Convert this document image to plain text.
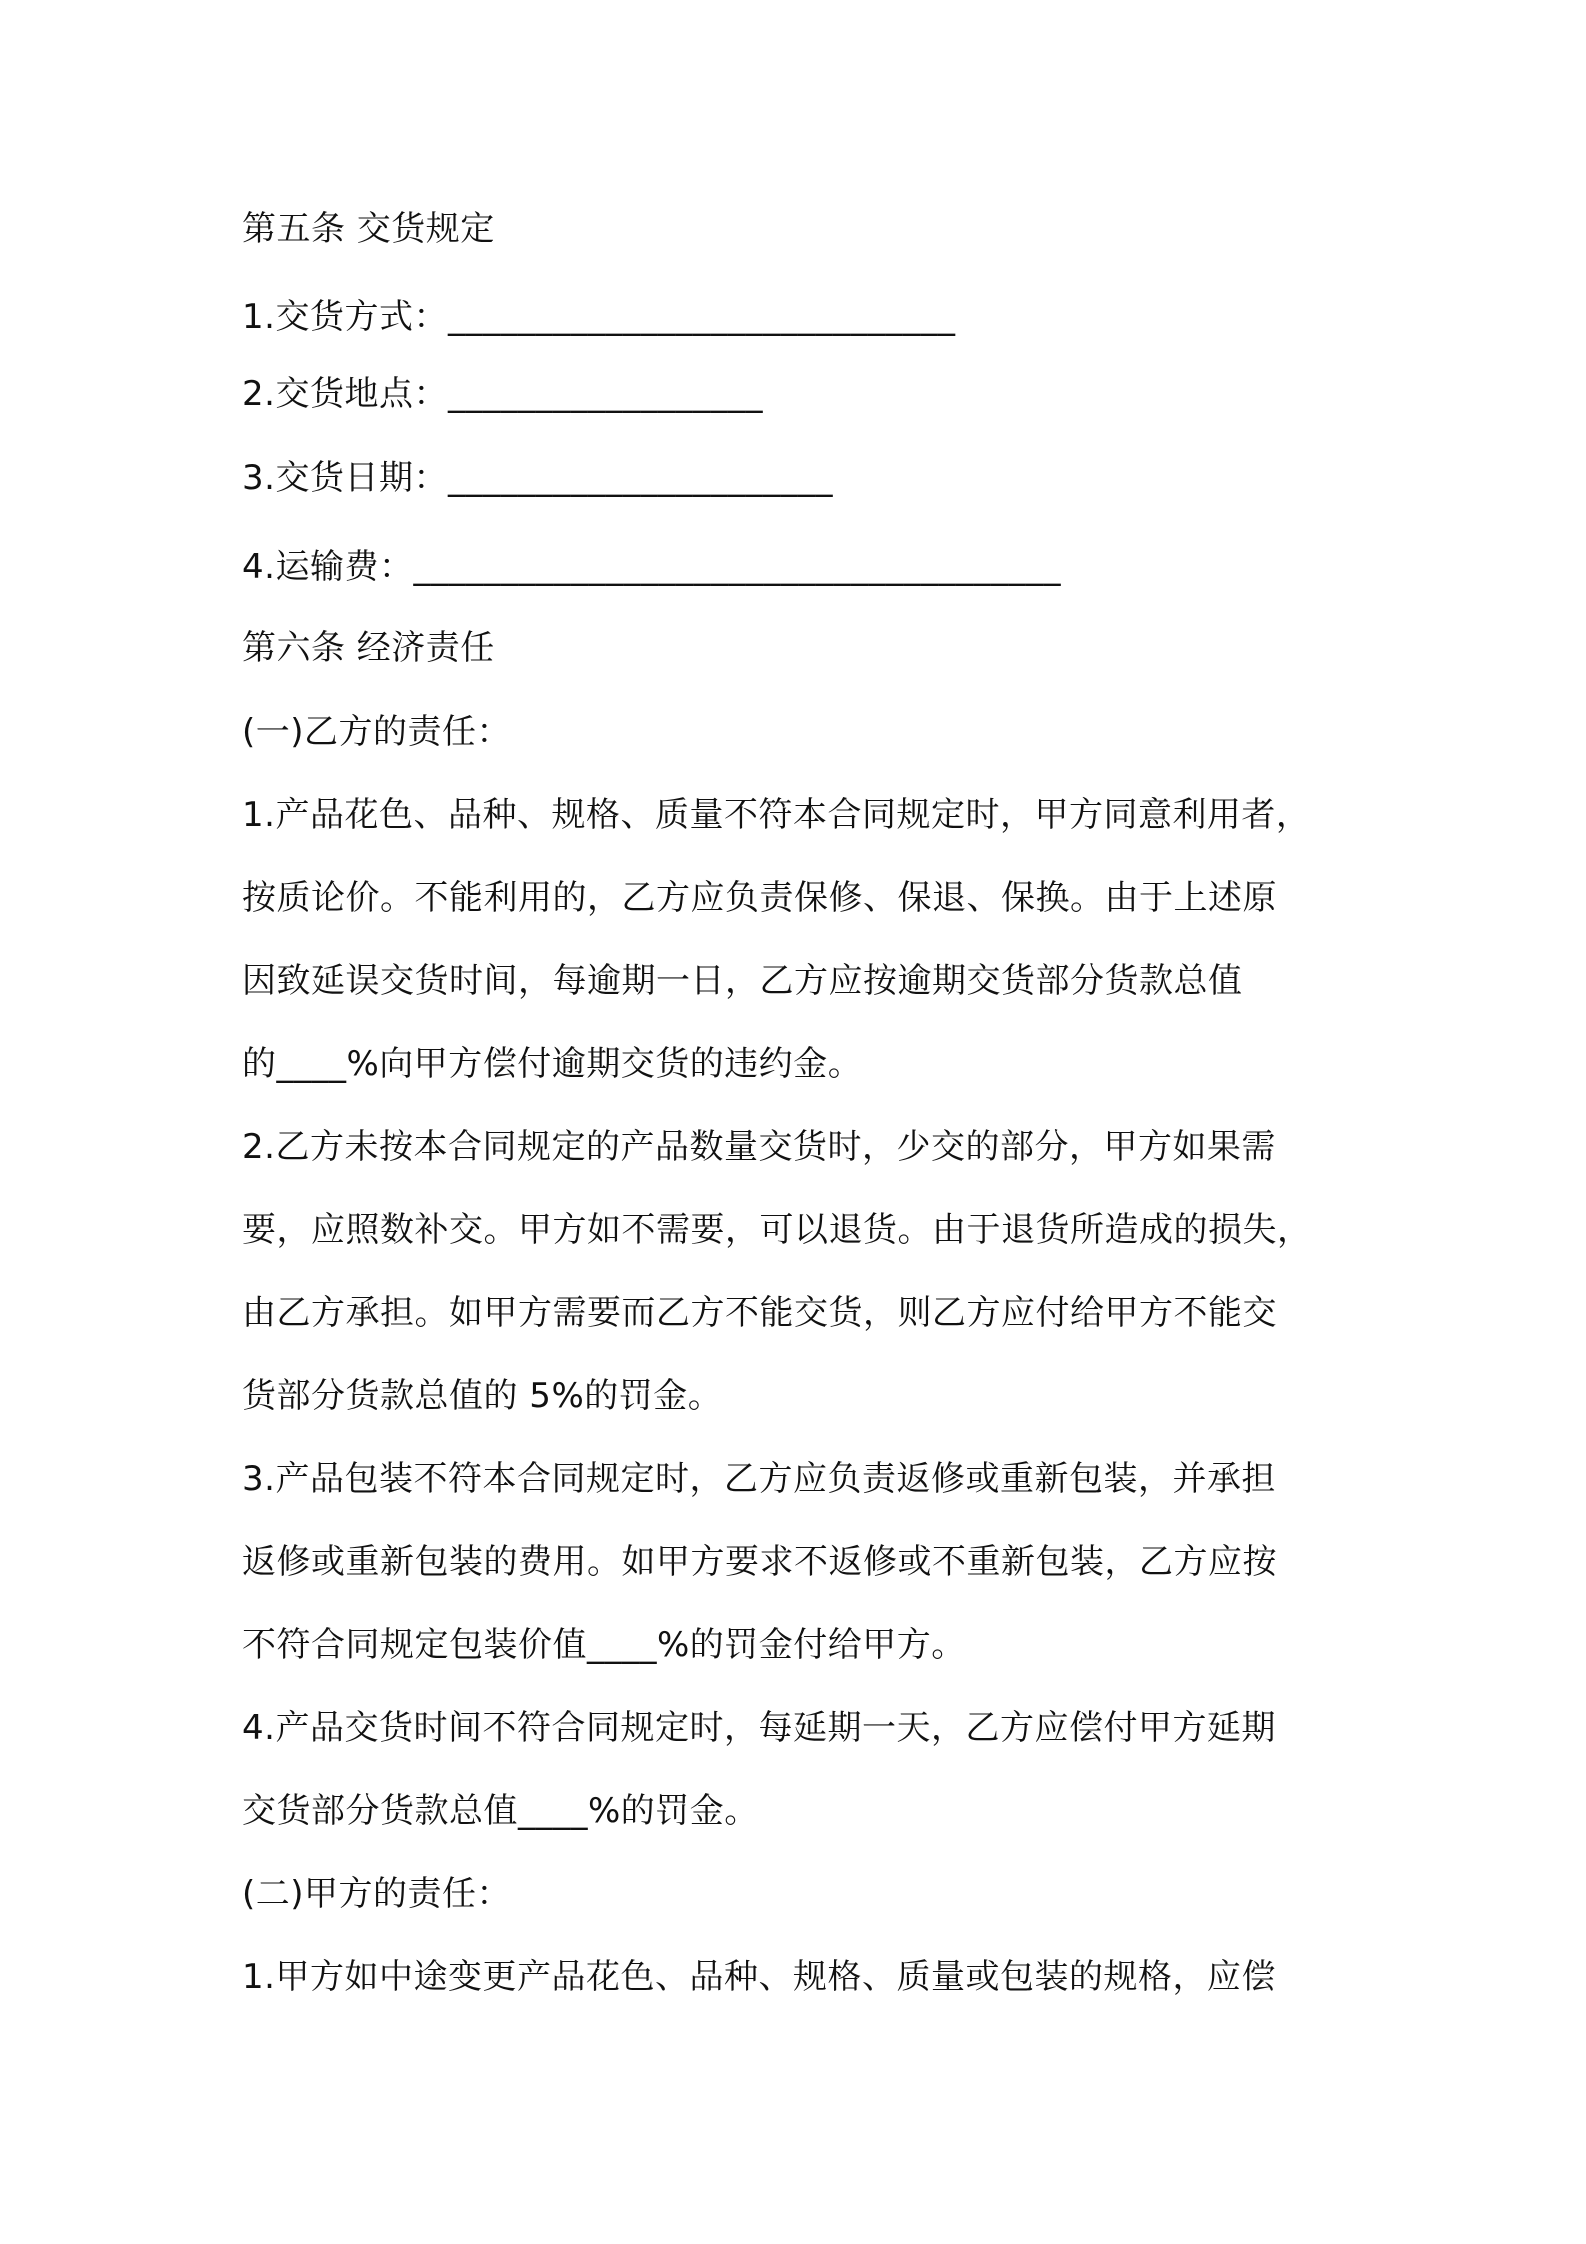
第五条 交货规定
1.交货方式：_____________________________
2.交货地点：__________________
3.交货日期：______________________
4.运输费：_____________________________________
第六条 经济责任
(一)乙方的责任：
1.产品花色、品种、规格、质量不符本合同规定时，甲方同意利用者，
按质论价。不能利用的，乙方应负责保修、保退、保换。由于上述原
因致延误交货时间，每逾期一日，乙方应按逾期交货部分货款总值
的____%向甲方偿付逾期交货的违约金。
2.乙方未按本合同规定的产品数量交货时，少交的部分，甲方如果需
要，应照数补交。甲方如不需要，可以退货。由于退货所造成的损失，
由乙方承担。如甲方需要而乙方不能交货，则乙方应付给甲方不能交
货部分货款总值的 5%的罚金。
3.产品包装不符本合同规定时，乙方应负责返修或重新包装，并承担
返修或重新包装的费用。如甲方要求不返修或不重新包装，乙方应按
不符合同规定包装价值____%的罚金付给甲方。
4.产品交货时间不符合同规定时，每延期一天，乙方应偿付甲方延期
交货部分货款总值____%的罚金。
(二)甲方的责任：
1.甲方如中途变更产品花色、品种、规格、质量或包装的规格，应偿
